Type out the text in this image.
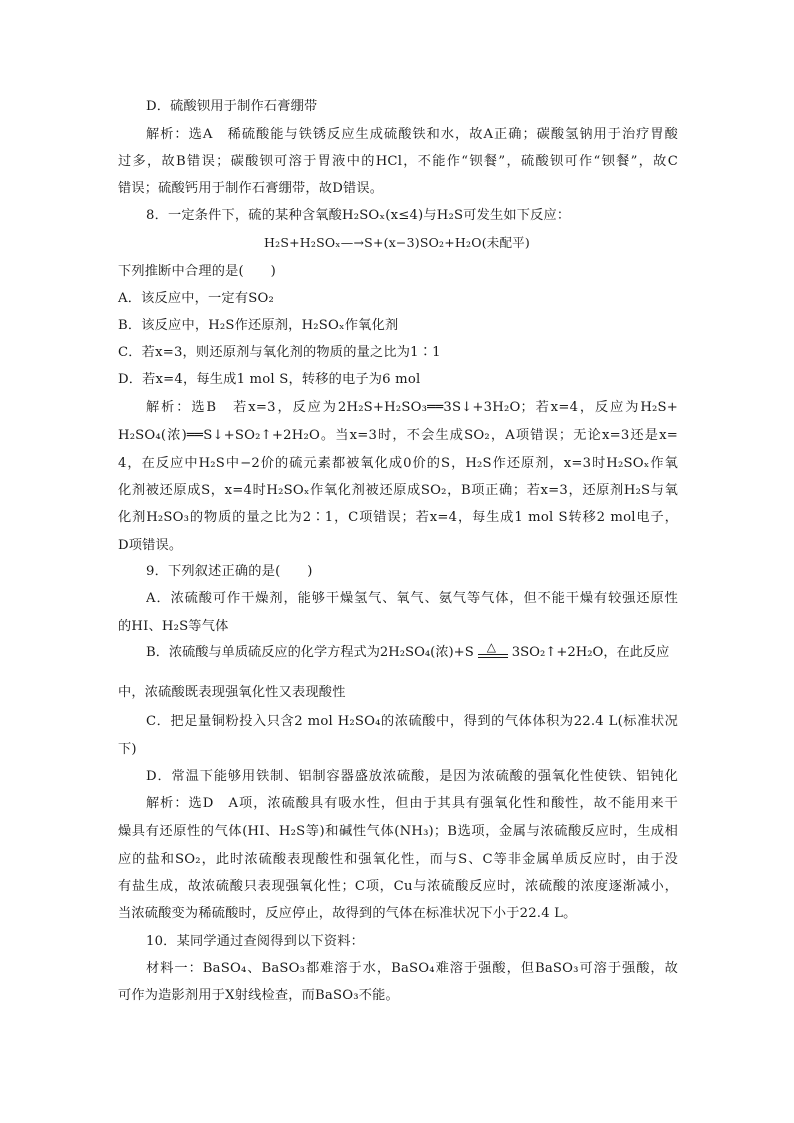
D．硫酸钡用于制作石膏绷带
解析：选A　稀硫酸能与铁锈反应生成硫酸铁和水，故A正确；碳酸氢钠用于治疗胃酸
过多，故B错误；碳酸钡可溶于胃液中的HCl，不能作“钡餐”，硫酸钡可作“钡餐”，故C
错误；硫酸钙用于制作石膏绷带，故D错误。
8．一定条件下，硫的某种含氧酸H₂SOₓ(x≤4)与H₂S可发生如下反应：
下列推断中合理的是(　　)
A．该反应中，一定有SO₂
B．该反应中，H₂S作还原剂，H₂SOₓ作氧化剂
C．若x=3，则还原剂与氧化剂的物质的量之比为1∶1
D．若x=4，每生成1 mol S，转移的电子为6 mol
解析：选B　若x=3，反应为2H₂S+H₂SO₃══3S↓+3H₂O；若x=4，反应为H₂S+
H₂SO₄(浓)══S↓+SO₂↑+2H₂O。当x=3时，不会生成SO₂，A项错误；无论x=3还是x=
4，在反应中H₂S中−2价的硫元素都被氧化成0价的S，H₂S作还原剂，x=3时H₂SOₓ作氧
化剂被还原成S，x=4时H₂SOₓ作氧化剂被还原成SO₂，B项正确；若x=3，还原剂H₂S与氧
化剂H₂SO₃的物质的量之比为2∶1，C项错误；若x=4，每生成1 mol S转移2 mol电子，
D项错误。
9．下列叙述正确的是(　　)
A．浓硫酸可作干燥剂，能够干燥氢气、氧气、氨气等气体，但不能干燥有较强还原性
的HI、H₂S等气体
中，浓硫酸既表现强氧化性又表现酸性
C．把足量铜粉投入只含2 mol H₂SO₄的浓硫酸中，得到的气体体积为22.4 L(标准状况
下)
D．常温下能够用铁制、铝制容器盛放浓硫酸，是因为浓硫酸的强氧化性使铁、铝钝化
解析：选D　A项，浓硫酸具有吸水性，但由于其具有强氧化性和酸性，故不能用来干
燥具有还原性的气体(HI、H₂S等)和碱性气体(NH₃)；B选项，金属与浓硫酸反应时，生成相
应的盐和SO₂，此时浓硫酸表现酸性和强氧化性，而与S、C等非金属单质反应时，由于没
有盐生成，故浓硫酸只表现强氧化性；C项，Cu与浓硫酸反应时，浓硫酸的浓度逐渐减小，
当浓硫酸变为稀硫酸时，反应停止，故得到的气体在标准状况下小于22.4 L。
10．某同学通过查阅得到以下资料：
材料一：BaSO₄、BaSO₃都难溶于水，BaSO₄难溶于强酸，但BaSO₃可溶于强酸，故
可作为造影剂用于X射线检查，而BaSO₃不能。
H₂S+H₂SOₓ—→S+(x−3)SO₂+H₂O(未配平)
B．浓硫酸与单质硫反应的化学方程式为2H₂SO₄(浓)+S △ 3SO₂↑+2H₂O，在此反应
